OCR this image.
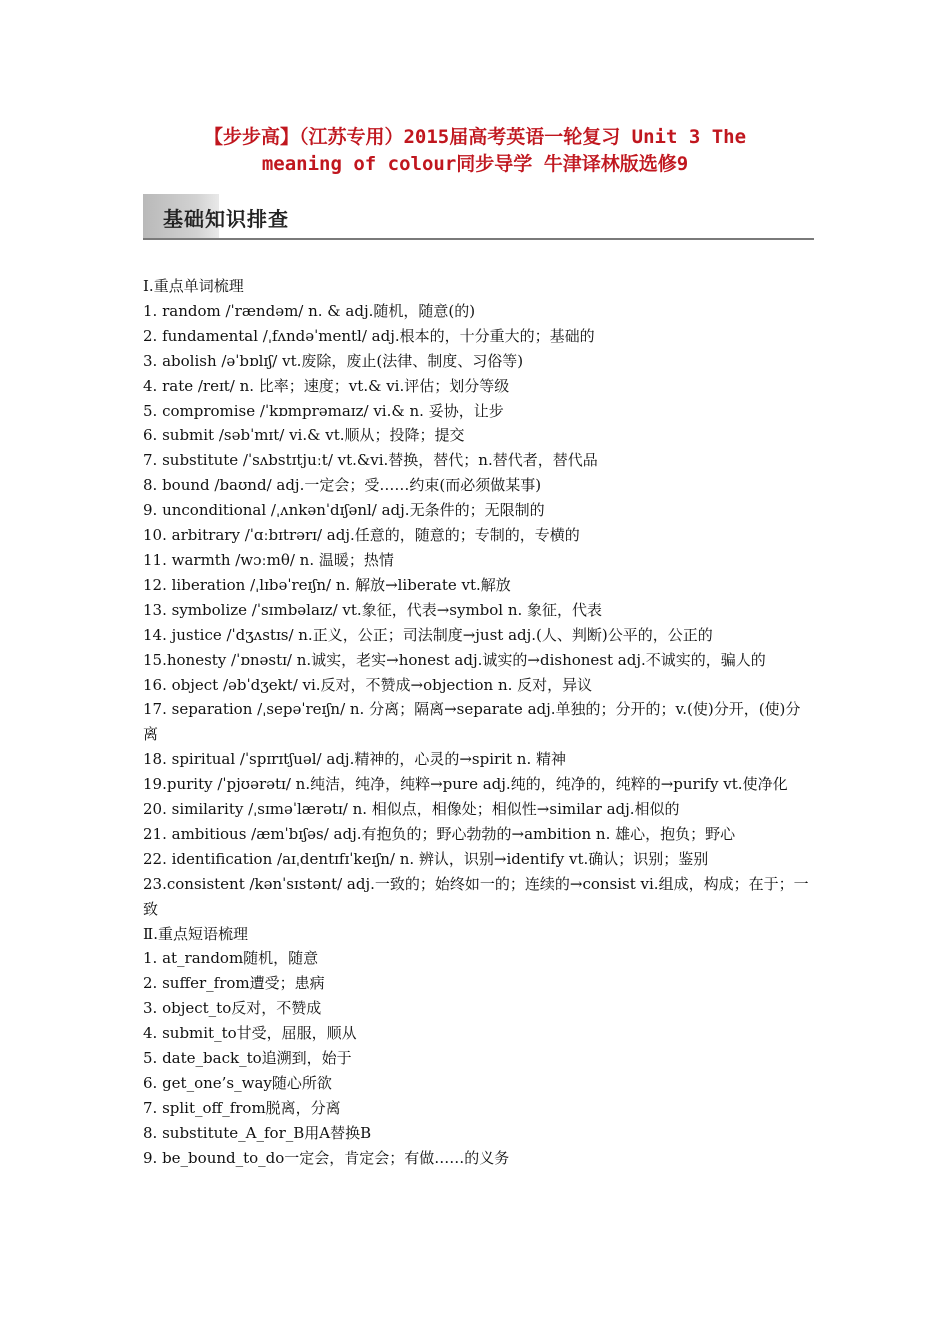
【步步高】（江苏专用）2015届高考英语一轮复习 Unit 3 The
meaning of colour同步导学 牛津译林版选修9
基础知识排查
Ⅰ.重点单词梳理
1. random /ˈrændəm/ n. & adj.随机，随意(的)
2. fundamental /ˌfʌndəˈmentl/ adj.根本的，十分重大的；基础的
3. abolish /əˈbɒlɪʃ/ vt.废除，废止(法律、制度、习俗等)
4. rate /reɪt/ n. 比率；速度；vt.& vi.评估；划分等级
5. compromise /ˈkɒmprəmaɪz/ vi.& n. 妥协，让步
6. submit /səbˈmɪt/ vi.& vt.顺从；投降；提交
7. substitute /ˈsʌbstɪtjuːt/ vt.&vi.替换，替代；n.替代者，替代品
8. bound /baʊnd/ adj.一定会；受……约束(而必须做某事)
9. unconditional /ˌʌnkənˈdɪʃənl/ adj.无条件的；无限制的
10. arbitrary /ˈɑːbɪtrərɪ/ adj.任意的，随意的；专制的，专横的
11. warmth /wɔːmθ/ n. 温暖；热情
12. liberation /ˌlɪbəˈreɪʃn/ n. 解放→liberate vt.解放
13. symbolize /ˈsɪmbəlaɪz/ vt.象征，代表→symbol n. 象征，代表
14. justice /ˈdʒʌstɪs/ n.正义，公正；司法制度→just adj.(人、判断)公平的，公正的
15.honesty /ˈɒnəstɪ/ n.诚实，老实→honest adj.诚实的→dishonest adj.不诚实的，骗人的
16. object /əbˈdʒekt/ vi.反对，不赞成→objection n. 反对，异议
17. separation /ˌsepəˈreɪʃn/ n. 分离；隔离→separate adj.单独的；分开的；v.(使)分开，(使)分离
18. spiritual /ˈspɪrɪtʃuəl/ adj.精神的，心灵的→spirit n. 精神
19.purity /ˈpjʊərətɪ/ n.纯洁，纯净，纯粹→pure adj.纯的，纯净的，纯粹的→purify vt.使净化
20. similarity /ˌsɪməˈlærətɪ/ n. 相似点，相像处；相似性→similar adj.相似的
21. ambitious /æmˈbɪʃəs/ adj.有抱负的；野心勃勃的→ambition n. 雄心，抱负；野心
22. identification /aɪˌdentɪfɪˈkeɪʃn/ n. 辨认，识别→identify vt.确认；识别；鉴别
23.consistent /kənˈsɪstənt/ adj.一致的；始终如一的；连续的→consist vi.组成，构成；在于；一致
Ⅱ.重点短语梳理
1. at_random随机，随意
2. suffer_from遭受；患病
3. object_to反对，不赞成
4. submit_to甘受，屈服，顺从
5. date_back_to追溯到，始于
6. get_one’s_way随心所欲
7. split_off_from脱离，分离
8. substitute_A_for_B用A替换B
9. be_bound_to_do一定会，肯定会；有做……的义务
